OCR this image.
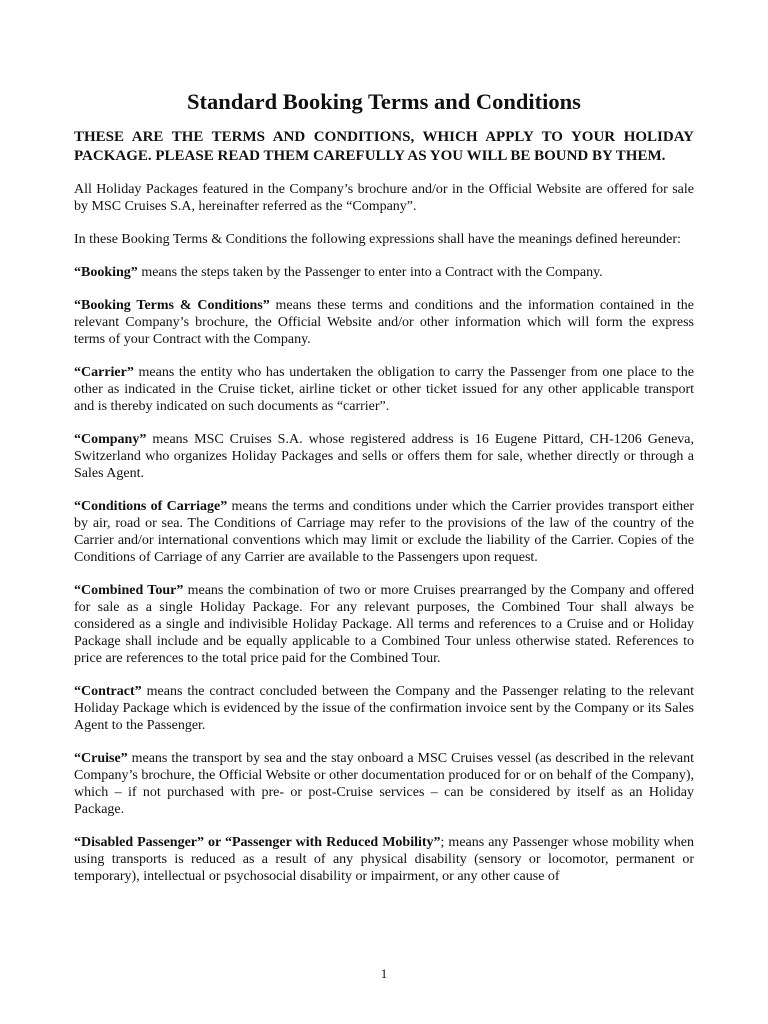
Standard Booking Terms and Conditions

THESE ARE THE TERMS AND CONDITIONS, WHICH APPLY TO YOUR HOLIDAY PACKAGE. PLEASE READ THEM CAREFULLY AS YOU WILL BE BOUND BY THEM.

All Holiday Packages featured in the Company’s brochure and/or in the Official Website are offered for sale by MSC Cruises S.A, hereinafter referred as the “Company”.

In these Booking Terms & Conditions the following expressions shall have the meanings defined hereunder:

“Booking” means the steps taken by the Passenger to enter into a Contract with the Company.

“Booking Terms & Conditions” means these terms and conditions and the information contained in the relevant Company’s brochure, the Official Website and/or other information which will form the express terms of your Contract with the Company.

“Carrier” means the entity who has undertaken the obligation to carry the Passenger from one place to the other as indicated in the Cruise ticket, airline ticket or other ticket issued for any other applicable transport and is thereby indicated on such documents as “carrier”.

“Company” means MSC Cruises S.A. whose registered address is 16 Eugene Pittard, CH-1206 Geneva, Switzerland who organizes Holiday Packages and sells or offers them for sale, whether directly or through a Sales Agent.

“Conditions of Carriage” means the terms and conditions under which the Carrier provides transport either by air, road or sea. The Conditions of Carriage may refer to the provisions of the law of the country of the Carrier and/or international conventions which may limit or exclude the liability of the Carrier. Copies of the Conditions of Carriage of any Carrier are available to the Passengers upon request.

“Combined Tour” means the combination of two or more Cruises prearranged by the Company and offered for sale as a single Holiday Package. For any relevant purposes, the Combined Tour shall always be considered as a single and indivisible Holiday Package. All terms and references to a Cruise and or Holiday Package shall include and be equally applicable to a Combined Tour unless otherwise stated. References to price are references to the total price paid for the Combined Tour.

“Contract” means the contract concluded between the Company and the Passenger relating to the relevant Holiday Package which is evidenced by the issue of the confirmation invoice sent by the Company or its Sales Agent to the Passenger.

“Cruise” means the transport by sea and the stay onboard a MSC Cruises vessel (as described in the relevant Company’s brochure, the Official Website or other documentation produced for or on behalf of the Company), which – if not purchased with pre- or post-Cruise services – can be considered by itself as an Holiday Package.

“Disabled Passenger” or “Passenger with Reduced Mobility”; means any Passenger whose mobility when using transports is reduced as a result of any physical disability (sensory or locomotor, permanent or temporary), intellectual or psychosocial disability or impairment, or any other cause of

1
